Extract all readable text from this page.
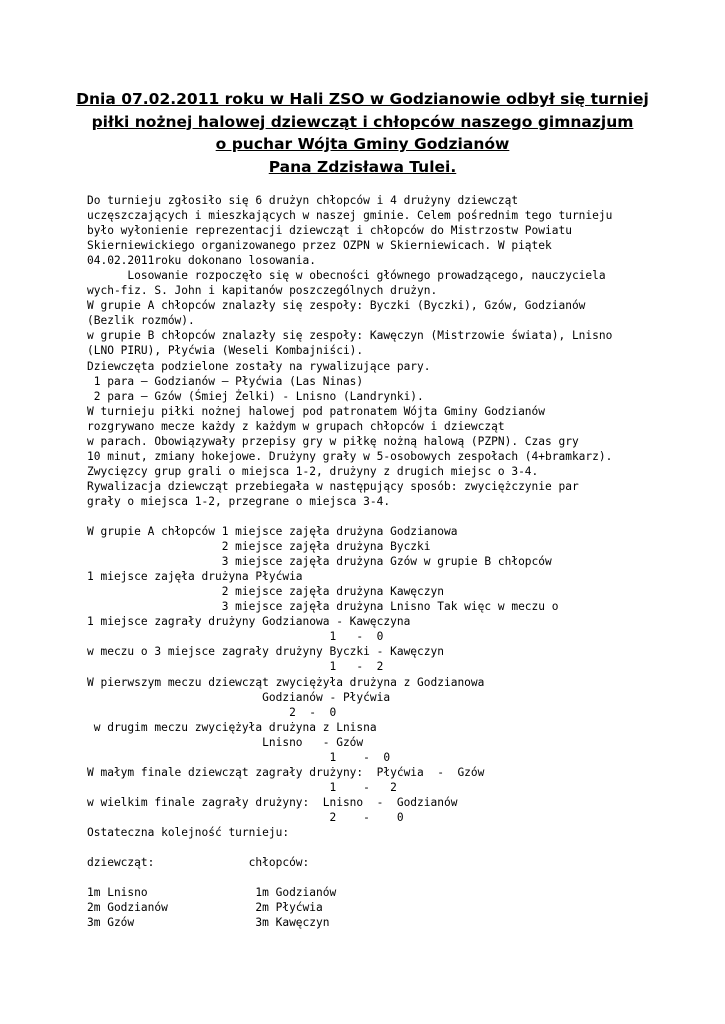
Dnia 07.02.2011 roku w Hali ZSO w Godzianowie odbył się turniej
piłki nożnej halowej dziewcząt i chłopców naszego gimnazjum
o puchar Wójta Gminy Godzianów
Pana Zdzisława Tulei.
Do turnieju zgłosiło się 6 drużyn chłopców i 4 drużyny dziewcząt
uczęszczających i mieszkających w naszej gminie. Celem pośrednim tego turnieju
było wyłonienie reprezentacji dziewcząt i chłopców do Mistrzostw Powiatu
Skierniewickiego organizowanego przez OZPN w Skierniewicach. W piątek
04.02.2011roku dokonano losowania.
Losowanie rozpoczęło się w obecności głównego prowadzącego, nauczyciela
wych-fiz. S. John i kapitanów poszczególnych drużyn.
W grupie A chłopców znalazły się zespoły: Byczki (Byczki), Gzów, Godzianów
(Bezlik rozmów).
w grupie B chłopców znalazły się zespoły: Kawęczyn (Mistrzowie świata), Lnisno
(LNO PIRU), Płyćwia (Weseli Kombajniści).
Dziewczęta podzielone zostały na rywalizujące pary.
1 para – Godzianów – Płyćwia (Las Ninas)
2 para – Gzów (Śmiej Żelki) - Lnisno (Landrynki).
W turnieju piłki nożnej halowej pod patronatem Wójta Gminy Godzianów
rozgrywano mecze każdy z każdym w grupach chłopców i dziewcząt
w parach. Obowiązywały przepisy gry w piłkę nożną halową (PZPN). Czas gry
10 minut, zmiany hokejowe. Drużyny grały w 5-osobowych zespołach (4+bramkarz).
Zwycięzcy grup grali o miejsca 1-2, drużyny z drugich miejsc o 3-4.
Rywalizacja dziewcząt przebiegała w następujący sposób: zwyciężczynie par
grały o miejsca 1-2, przegrane o miejsca 3-4.
W grupie A chłopców 1 miejsce zajęła drużyna Godzianowa
2 miejsce zajęła drużyna Byczki
3 miejsce zajęła drużyna Gzów w grupie B chłopców
1 miejsce zajęła drużyna Płyćwia
2 miejsce zajęła drużyna Kawęczyn
3 miejsce zajęła drużyna Lnisno Tak więc w meczu o
1 miejsce zagrały drużyny Godzianowa - Kawęczyna
1   -  0
w meczu o 3 miejsce zagrały drużyny Byczki - Kawęczyn
1   -  2
W pierwszym meczu dziewcząt zwyciężyła drużyna z Godzianowa
Godzianów - Płyćwia
2  -  0
w drugim meczu zwyciężyła drużyna z Lnisna
Lnisno   - Gzów
1    -  0
W małym finale dziewcząt zagrały drużyny:  Płyćwia  -  Gzów
1    -   2
w wielkim finale zagrały drużyny:  Lnisno  -  Godzianów
2    -    0
Ostateczna kolejność turnieju:
dziewcząt:              chłopców:
1m Lnisno                1m Godzianów
2m Godzianów             2m Płyćwia
3m Gzów                  3m Kawęczyn
